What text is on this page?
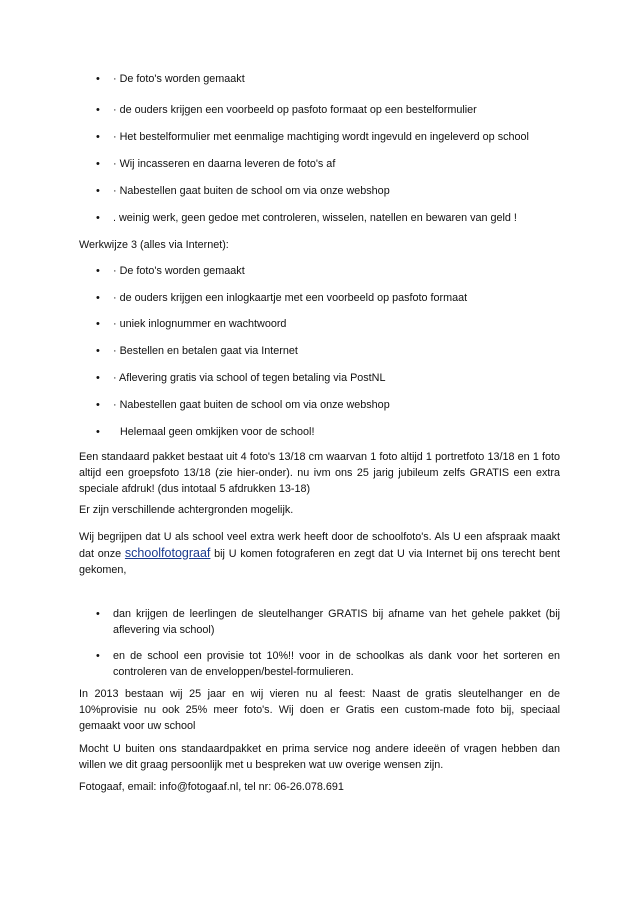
• · De foto's worden gemaakt
• · de ouders krijgen een voorbeeld op pasfoto formaat op een bestelformulier
• · Het bestelformulier met eenmalige machtiging wordt ingevuld en ingeleverd op school
• · Wij incasseren en daarna leveren de foto's af
• · Nabestellen gaat buiten de school om via onze webshop
• . weinig werk, geen gedoe met controleren, wisselen, natellen en bewaren van geld !
Werkwijze 3 (alles via Internet):
• · De foto's worden gemaakt
• · de ouders krijgen een inlogkaartje met een voorbeeld op pasfoto formaat
• · uniek inlognummer en wachtwoord
• · Bestellen en betalen gaat via Internet
• · Aflevering gratis via school of tegen betaling via PostNL
• · Nabestellen gaat buiten de school om via onze webshop
• Helemaal geen omkijken voor de school!
Een standaard pakket bestaat uit 4 foto's 13/18 cm waarvan 1 foto altijd 1 portretfoto 13/18 en 1 foto altijd een groepsfoto 13/18 (zie hier-onder). nu ivm ons 25 jarig jubileum zelfs GRATIS een extra speciale afdruk! (dus intotaal 5 afdrukken 13-18)
Er zijn verschillende achtergronden mogelijk.
Wij begrijpen dat U als school veel extra werk heeft door de schoolfoto's. Als U een afspraak maakt dat onze schoolfotograaf bij U komen fotograferen en zegt dat U via Internet bij ons terecht bent gekomen,
• dan krijgen de leerlingen de sleutelhanger GRATIS bij afname van het gehele pakket (bij aflevering via school)
• en de school een provisie tot 10%!! voor in de schoolkas als dank voor het sorteren en controleren van de enveloppen/bestel-formulieren.
In 2013 bestaan wij 25 jaar en wij vieren nu al feest: Naast de gratis sleutelhanger en de 10%provisie nu ook 25% meer foto's. Wij doen er Gratis een custom-made foto bij, speciaal gemaakt voor uw school
Mocht U buiten ons standaardpakket en prima service nog andere ideeën of vragen hebben dan willen we dit graag persoonlijk met u bespreken wat uw overige wensen zijn.
Fotogaaf, email: info@fotogaaf.nl, tel nr: 06-26.078.691
